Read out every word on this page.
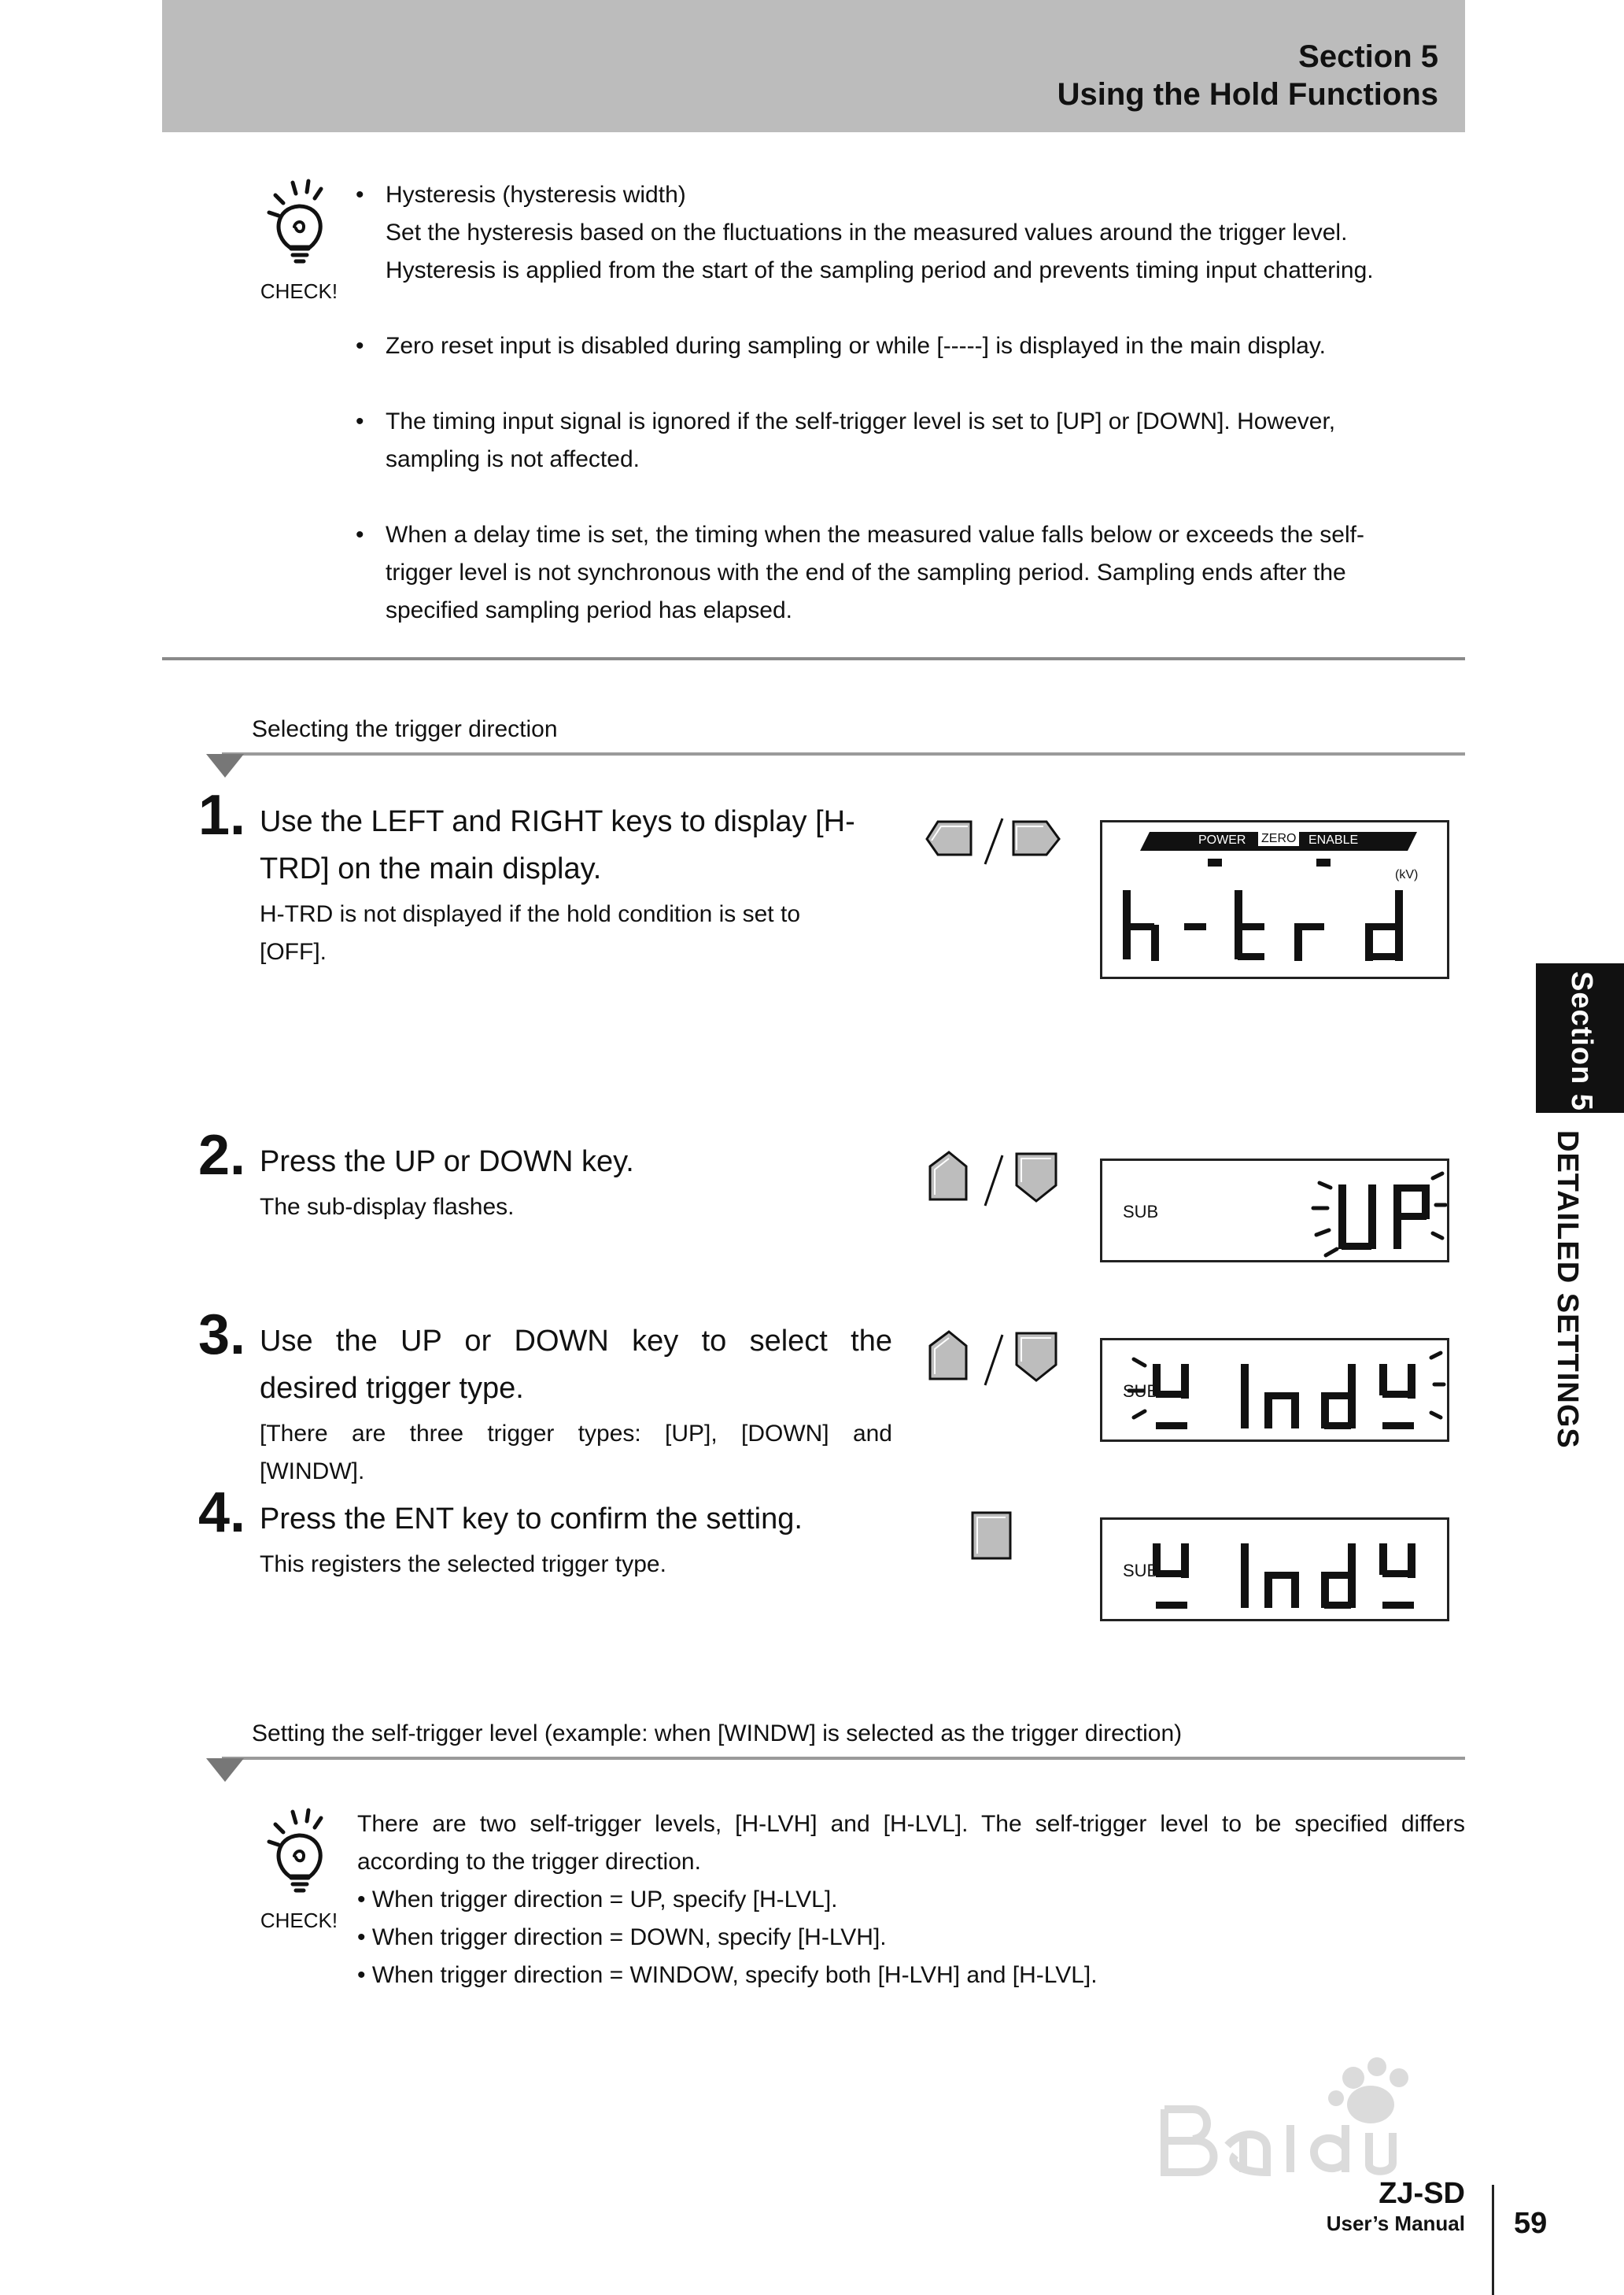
Section 5
Using the Hold Functions
CHECK!
• Hysteresis (hysteresis width)
Set the hysteresis based on the fluctuations in the measured values around the trigger level.
Hysteresis is applied from the start of the sampling period and prevents timing input chattering.
• Zero reset input is disabled during sampling or while [-----] is displayed in the main display.
• The timing input signal is ignored if the self-trigger level is set to [UP] or [DOWN]. However,
sampling is not affected.
• When a delay time is set, the timing when the measured value falls below or exceeds the self-
trigger level is not synchronous with the end of the sampling period. Sampling ends after the
specified sampling period has elapsed.
Selecting the trigger direction
1. Use the LEFT and RIGHT keys to display [H-
TRD] on the main display.
H-TRD is not displayed if the hold condition is set to
[OFF].
POWER ZERO ENABLE
(kV)
2. Press the UP or DOWN key.
The sub-display flashes.	SUB
3. Use the UP or DOWN key to select the
desired trigger type.
[There are three trigger types: [UP], [DOWN] and
[WINDW].
SUB
4. Press the ENT key to confirm the setting.
This registers the selected trigger type.	SUB
Setting the self-trigger level (example: when [WINDW] is selected as the trigger direction)
CHECK!
There are two self-trigger levels, [H-LVH] and [H-LVL]. The self-trigger level to be specified differs
according to the trigger direction.
• When trigger direction = UP, specify [H-LVL].
• When trigger direction = DOWN, specify [H-LVH].
• When trigger direction = WINDOW, specify both [H-LVH] and [H-LVL].
Section 5
DETAILED SETTINGS
ZJ-SD
User’s Manual 59
